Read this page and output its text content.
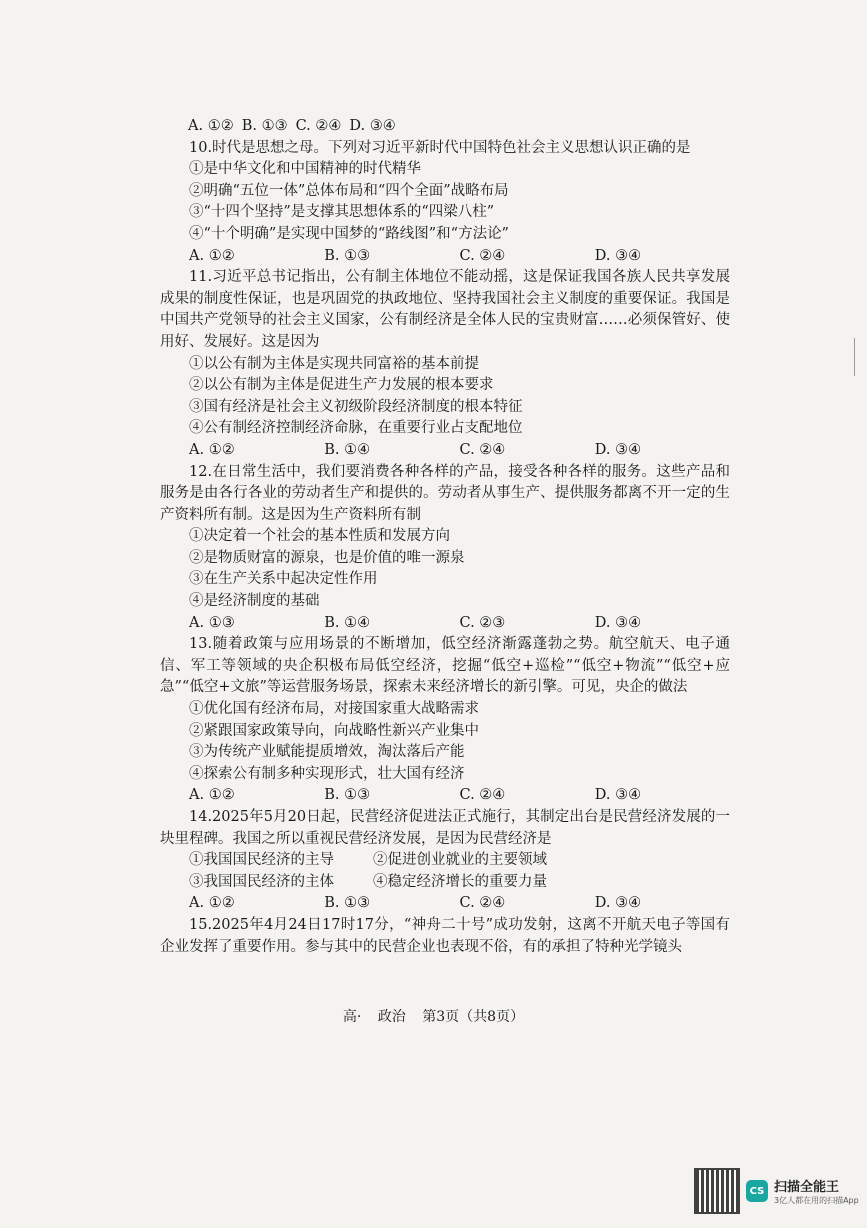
A. ①② B. ①③ C. ②④ D. ③④
10.时代是思想之母。下列对习近平新时代中国特色社会主义思想认识正确的是
①是中华文化和中国精神的时代精华
②明确“五位一体”总体布局和“四个全面”战略布局
③“十四个坚持”是支撑其思想体系的“四梁八柱”
④“十个明确”是实现中国梦的“路线图”和“方法论”
A. ①②	B. ①③	C. ②④	D. ③④
11.习近平总书记指出，公有制主体地位不能动摇，这是保证我国各族人民共享发展成果的制度性保证，也是巩固党的执政地位、坚持我国社会主义制度的重要保证。我国是中国共产党领导的社会主义国家，公有制经济是全体人民的宝贵财富……必须保管好、使用好、发展好。这是因为
①以公有制为主体是实现共同富裕的基本前提
②以公有制为主体是促进生产力发展的根本要求
③国有经济是社会主义初级阶段经济制度的根本特征
④公有制经济控制经济命脉，在重要行业占支配地位
A. ①②	B. ①④	C. ②④	D. ③④
12.在日常生活中，我们要消费各种各样的产品，接受各种各样的服务。这些产品和服务是由各行各业的劳动者生产和提供的。劳动者从事生产、提供服务都离不开一定的生产资料所有制。这是因为生产资料所有制
①决定着一个社会的基本性质和发展方向
②是物质财富的源泉，也是价值的唯一源泉
③在生产关系中起决定性作用
④是经济制度的基础
A. ①③	B. ①④	C. ②③	D. ③④
13.随着政策与应用场景的不断增加，低空经济渐露蓬勃之势。航空航天、电子通信、军工等领域的央企积极布局低空经济，挖掘“低空+巡检”“低空+物流”“低空+应急”“低空+文旅”等运营服务场景，探索未来经济增长的新引擎。可见，央企的做法
①优化国有经济布局，对接国家重大战略需求
②紧跟国家政策导向，向战略性新兴产业集中
③为传统产业赋能提质增效，淘汰落后产能
④探索公有制多种实现形式，壮大国有经济
A. ①②	B. ①③	C. ②④	D. ③④
14.2025年5月20日起，民营经济促进法正式施行，其制定出台是民营经济发展的一块里程碑。我国之所以重视民营经济发展，是因为民营经济是
①我国国民经济的主导	②促进创业就业的主要领域
③我国国民经济的主体	④稳定经济增长的重要力量
A. ①②	B. ①③	C. ②④	D. ③④
15.2025年4月24日17时17分，“神舟二十号”成功发射，这离不开航天电子等国有企业发挥了重要作用。参与其中的民营企业也表现不俗，有的承担了特种光学镜头
高· 政治 第3页（共8页）
CS 扫描全能王
3亿人都在用的扫描App
